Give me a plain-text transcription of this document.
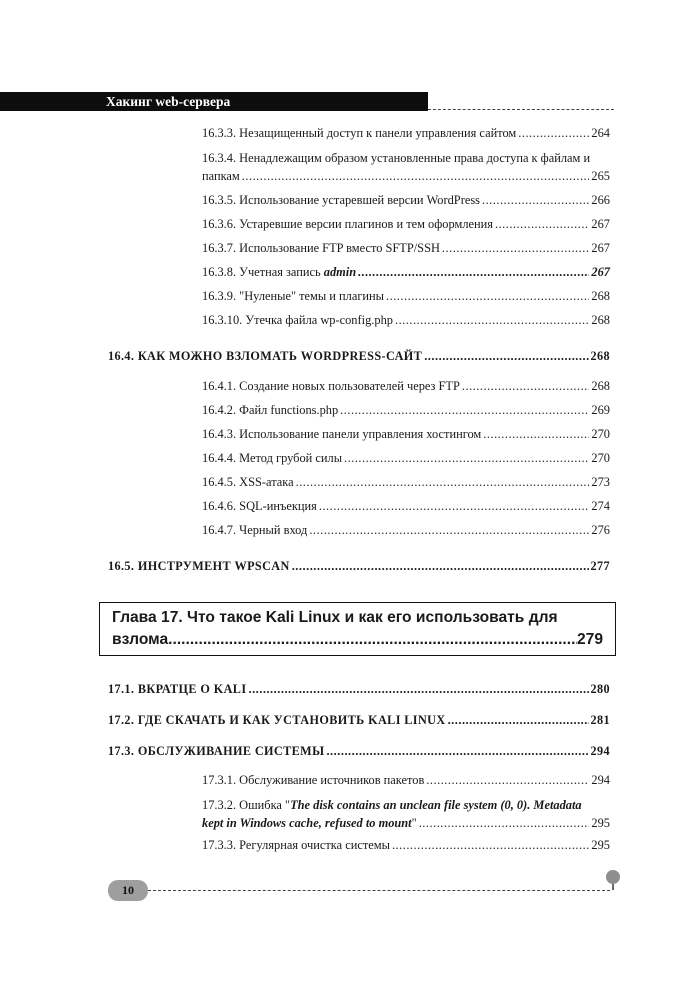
Хакинг web-сервера
16.3.3. Незащищенный доступ к панели управления сайтом .....	264
16.3.4. Ненадлежащим образом установленные права доступа к файлам и
папкам .....	265
16.3.5. Использование устаревшей версии WordPress .....	266
16.3.6. Устаревшие версии плагинов и тем оформления .....	267
16.3.7. Использование FTP вместо SFTP/SSH .....	267
16.3.8. Учетная запись admin .....	267
16.3.9. "Нуленые" темы и плагины .....	268
16.3.10. Утечка файла wp-config.php .....	268
16.4. КАК МОЖНО ВЗЛОМАТЬ WORDPRESS-САЙТ .....	268
16.4.1. Создание новых пользователей через FTP .....	268
16.4.2. Файл functions.php .....	269
16.4.3. Использование панели управления хостингом .....	270
16.4.4. Метод грубой силы .....	270
16.4.5. XSS-атака .....	273
16.4.6. SQL-инъекция .....	274
16.4.7. Черный вход .....	276
16.5. ИНСТРУМЕНТ WPSCAN .....	277
Глава 17. Что такое Kali Linux и как его использовать для
взлома .....	279
17.1. ВКРАТЦЕ О KALI .....	280
17.2. ГДЕ СКАЧАТЬ И КАК УСТАНОВИТЬ KALI LINUX .....	281
17.3. ОБСЛУЖИВАНИЕ СИСТЕМЫ .....	294
17.3.1. Обслуживание источников пакетов .....	294
17.3.2. Ошибка "The disk contains an unclean file system (0, 0). Metadata
kept in Windows cache, refused to mount" .....	295
17.3.3. Регулярная очистка системы .....	295
10
